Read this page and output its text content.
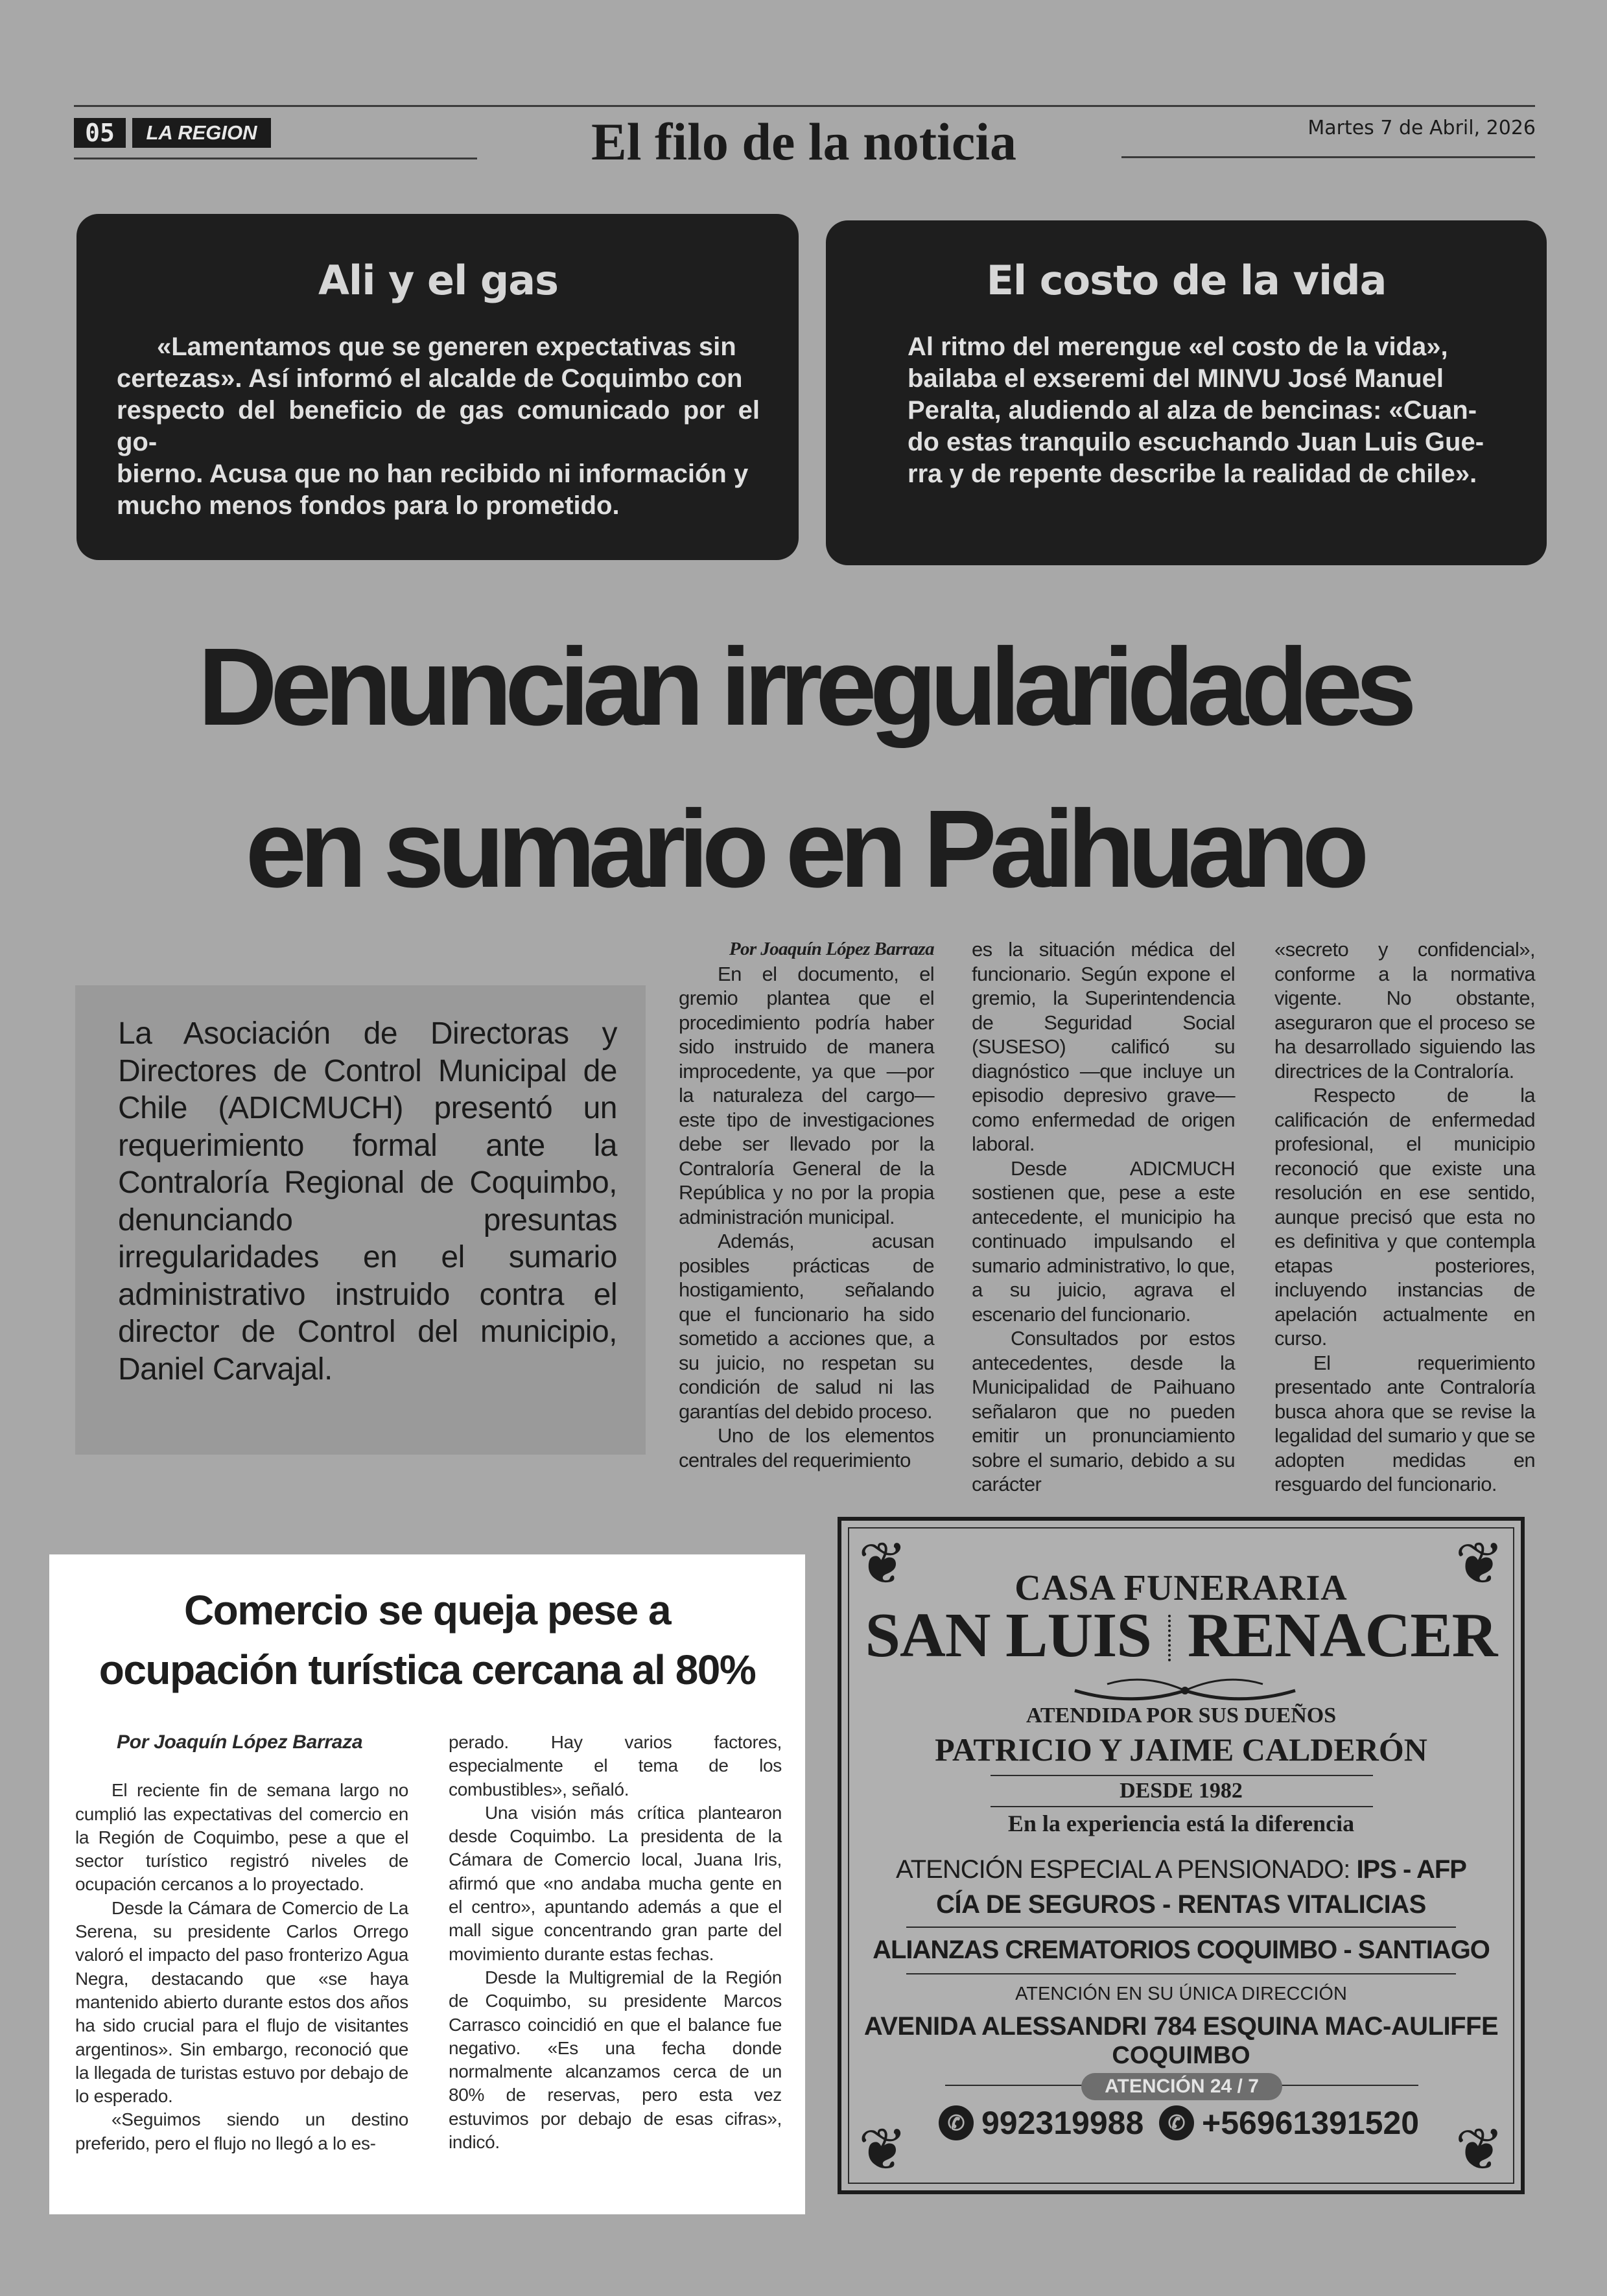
05	LA REGION	El filo de la noticia	Martes 7 de Abril, 2026
Ali y el gas

«Lamentamos que se generen expectativas sin

certezas». Así informó el alcalde de Coquimbo con

respecto del beneficio de gas comunicado por el go-

bierno. Acusa que no han recibido ni información y

mucho menos fondos para lo prometido.

El costo de la vida

Al ritmo del merengue «el costo de la vida»,

bailaba el exseremi del MINVU José Manuel

Peralta, aludiendo al alza de bencinas: «Cuan-

do estas tranquilo escuchando Juan Luis Gue-

rra y de repente describe la realidad de chile».

Denuncian irregularidades
en sumario en Paihuano

La Asociación de Directoras y Directores de Control Municipal de Chile (ADICMUCH) presentó un requerimiento formal ante la Contraloría Regional de Coquimbo, denunciando presuntas irregularidades en el sumario administrativo instruido contra el director de Control del municipio, Daniel Carvajal.

Por Joaquín López Barraza

En el documento, el gremio plantea que el procedimiento podría haber sido instruido de manera improcedente, ya que —por la naturaleza del cargo— este tipo de investigaciones debe ser llevado por la Contraloría General de la República y no por la propia administración municipal.

Además, acusan posibles prácticas de hostigamiento, señalando que el funcionario ha sido sometido a acciones que, a su juicio, no respetan su condición de salud ni las garantías del debido proceso.

Uno de los elementos centrales del requerimiento

es la situación médica del funcionario. Según expone el gremio, la Superintendencia de Seguridad Social (SUSESO) calificó su diagnóstico —que incluye un episodio depresivo grave— como enfermedad de origen laboral.

Desde ADICMUCH sostienen que, pese a este antecedente, el municipio ha continuado impulsando el sumario administrativo, lo que, a su juicio, agrava el escenario del funcionario.

Consultados por estos antecedentes, desde la Municipalidad de Paihuano señalaron que no pueden emitir un pronunciamiento sobre el sumario, debido a su carácter

«secreto y confidencial», conforme a la normativa vigente. No obstante, aseguraron que el proceso se ha desarrollado siguiendo las directrices de la Contraloría.

Respecto de la calificación de enfermedad profesional, el municipio reconoció que existe una resolución en ese sentido, aunque precisó que esta no es definitiva y que contempla etapas posteriores, incluyendo instancias de apelación actualmente en curso.

El requerimiento presentado ante Contraloría busca ahora que se revise la legalidad del sumario y que se adopten medidas en resguardo del funcionario.

Comercio se queja pese a
ocupación turística cercana al 80%

Por Joaquín López Barraza

El reciente fin de semana largo no cumplió las expectativas del comercio en la Región de Coquimbo, pese a que el sector turístico registró niveles de ocupación cercanos a lo proyectado.

Desde la Cámara de Comercio de La Serena, su presidente Carlos Orrego valoró el impacto del paso fronterizo Agua Negra, destacando que «se haya mantenido abierto durante estos dos años ha sido crucial para el flujo de visitantes argentinos». Sin embargo, reconoció que la llegada de turistas estuvo por debajo de lo esperado.

«Seguimos siendo un destino preferido, pero el flujo no llegó a lo es-

perado. Hay varios factores, especialmente el tema de los combustibles», señaló.

Una visión más crítica plantearon desde Coquimbo. La presidenta de la Cámara de Comercio local, Juana Iris, afirmó que «no andaba mucha gente en el centro», apuntando además a que el mall sigue concentrando gran parte del movimiento durante estas fechas.

Desde la Multigremial de la Región de Coquimbo, su presidente Marcos Carrasco coincidió en que el balance fue negativo. «Es una fecha donde normalmente alcanzamos cerca de un 80% de reservas, pero esta vez estuvimos por debajo de esas cifras», indicó.

❦	❦
❦	❦
CASA FUNERARIA
SAN LUIS RENACER
ATENDIDA POR SUS DUEÑOS
PATRICIO Y JAIME CALDERÓN
DESDE 1982
En la experiencia está la diferencia
ATENCIÓN ESPECIAL A PENSIONADO: IPS - AFP
CÍA DE SEGUROS - RENTAS VITALICIAS
ALIANZAS CREMATORIOS COQUIMBO - SANTIAGO
ATENCIÓN EN SU ÚNICA DIRECCIÓN
AVENIDA ALESSANDRI 784 ESQUINA MAC-AULIFFE
COQUIMBO
ATENCIÓN 24 / 7
✆ 992319988	✆ +56961391520
